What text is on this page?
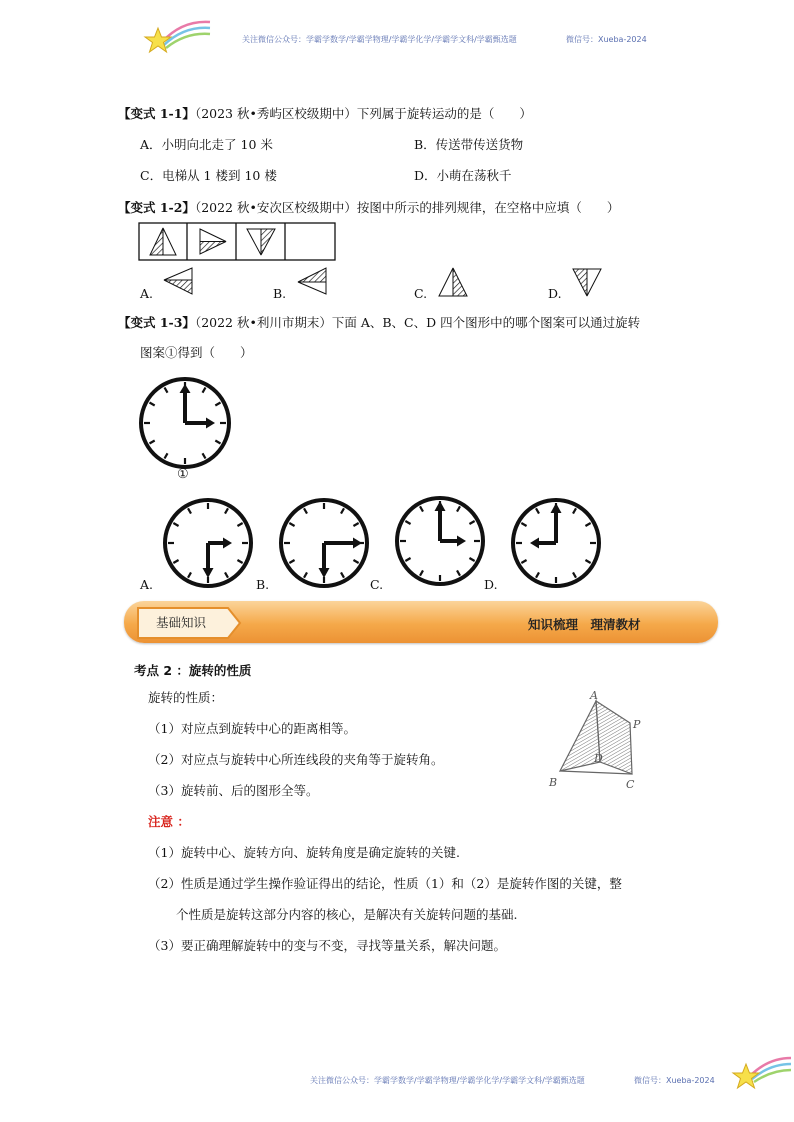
关注微信公众号：学霸学数学/学霸学物理/学霸学化学/学霸学文科/学霸甄选题	微信号：Xueba-2024
【变式 1-1】（2023 秋•秀屿区校级期中）下列属于旋转运动的是（　　）
A．小明向北走了 10 米	B．传送带传送货物
C．电梯从 1 楼到 10 楼	D．小萌在荡秋千
【变式 1-2】（2022 秋•安次区校级期中）按图中所示的排列规律，在空格中应填（　　）
A.	B.	C.	D.
【变式 1-3】（2022 秋•利川市期末）下面 A、B、C、D 四个图形中的哪个图案可以通过旋转
图案①得到（　　）
①
A.	B.	C.	D.
基础知识	知识梳理　理清教材
考点 2 ：旋转的性质
旋转的性质：
（1）对应点到旋转中心的距离相等。
（2）对应点与旋转中心所连线段的夹角等于旋转角。
（3）旋转前、后的图形全等。
A
P
D
B	C
注意 ：
（1）旋转中心、旋转方向、旋转角度是确定旋转的关键.
（2）性质是通过学生操作验证得出的结论，性质（1）和（2）是旋转作图的关键，整
个性质是旋转这部分内容的核心，是解决有关旋转问题的基础.
（3）要正确理解旋转中的变与不变，寻找等量关系，解决问题。
关注微信公众号：学霸学数学/学霸学物理/学霸学化学/学霸学文科/学霸甄选题	微信号：Xueba-2024
